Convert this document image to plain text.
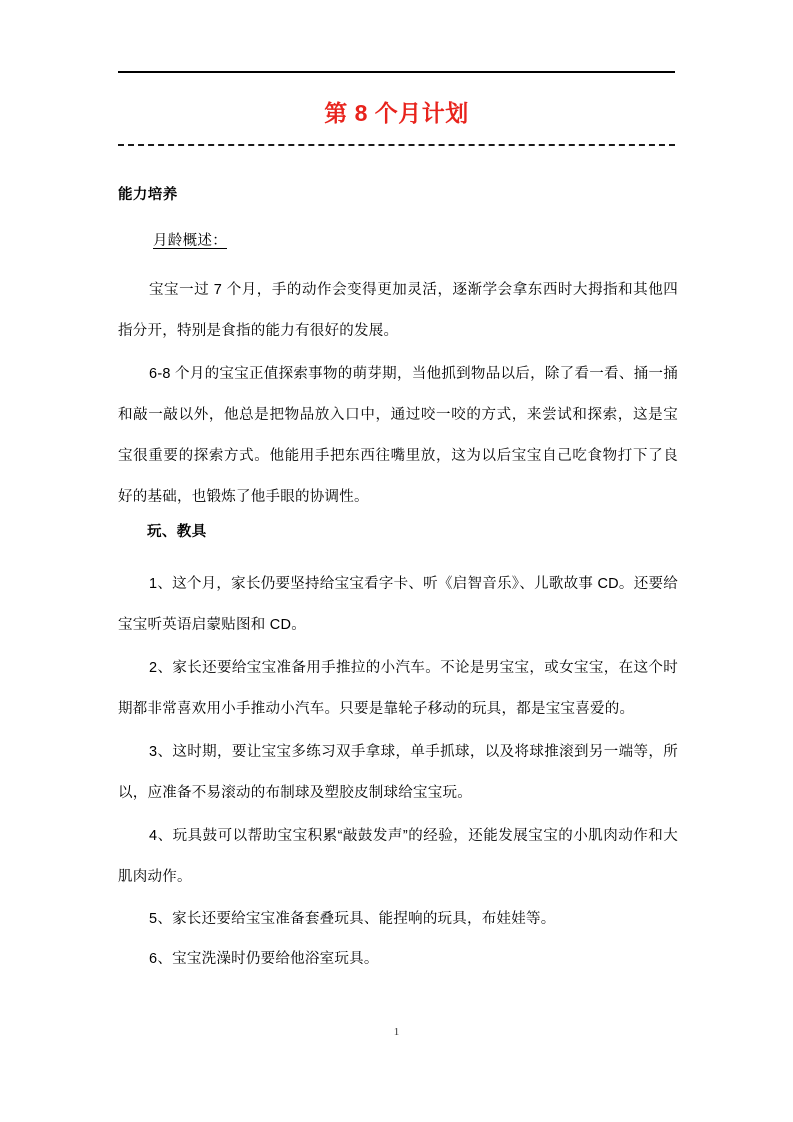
第 8 个月计划
能力培养
月龄概述：

宝宝一过 7 个月，手的动作会变得更加灵活，逐渐学会拿东西时大拇指和其他四指分开，特别是食指的能力有很好的发展。

6-8 个月的宝宝正值探索事物的萌芽期，当他抓到物品以后，除了看一看、捅一捅和敲一敲以外，他总是把物品放入口中，通过咬一咬的方式，来尝试和探索，这是宝宝很重要的探索方式。他能用手把东西往嘴里放，这为以后宝宝自己吃食物打下了良好的基础，也锻炼了他手眼的协调性。

玩、教具

1、这个月，家长仍要坚持给宝宝看字卡、听《启智音乐》、儿歌故事 CD。还要给宝宝听英语启蒙贴图和 CD。

2、家长还要给宝宝准备用手推拉的小汽车。不论是男宝宝，或女宝宝，在这个时期都非常喜欢用小手推动小汽车。只要是靠轮子移动的玩具，都是宝宝喜爱的。

3、这时期，要让宝宝多练习双手拿球，单手抓球，以及将球推滚到另一端等，所以，应准备不易滚动的布制球及塑胶皮制球给宝宝玩。

4、玩具鼓可以帮助宝宝积累“敲鼓发声”的经验，还能发展宝宝的小肌肉动作和大肌肉动作。

5、家长还要给宝宝准备套叠玩具、能捏响的玩具，布娃娃等。

6、宝宝洗澡时仍要给他浴室玩具。

1
